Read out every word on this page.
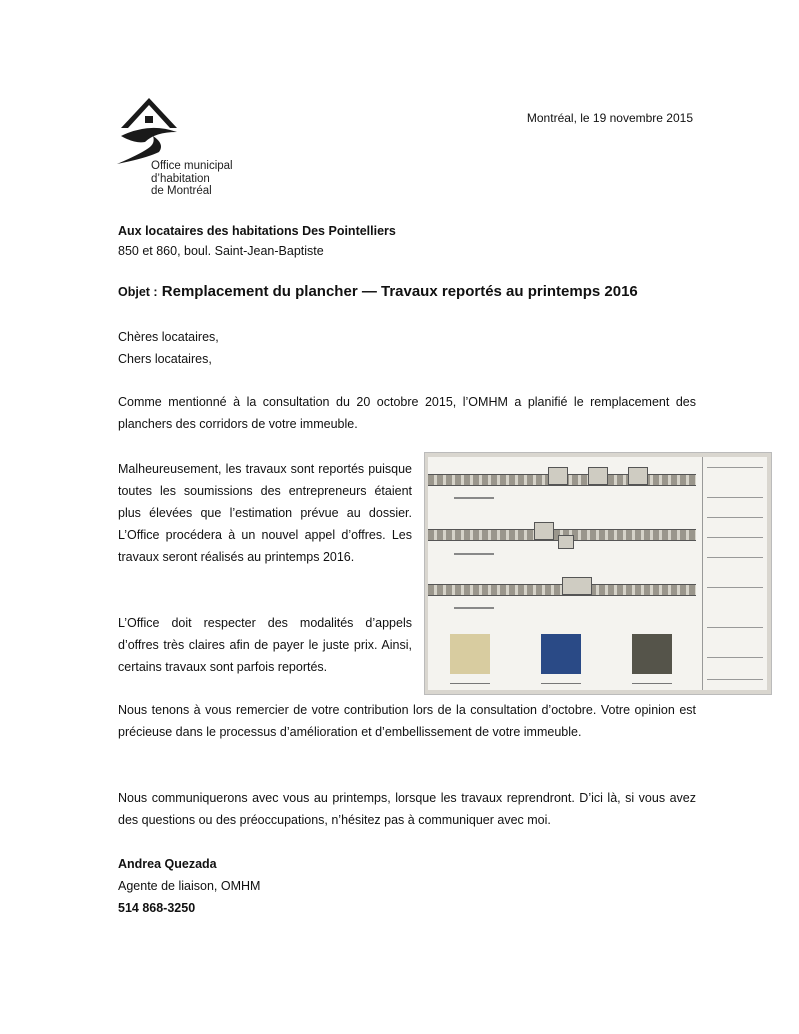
Office municipal
d’habitation
de Montréal
Montréal, le 19 novembre 2015
Aux locataires des habitations Des Pointelliers
850 et 860, boul. Saint-Jean-Baptiste
Objet : Remplacement du plancher — Travaux reportés au printemps 2016
Chères locataires,
Chers locataires,
Comme mentionné à la consultation du 20 octobre 2015, l’OMHM a planifié le remplacement des planchers des corridors de votre immeuble.
Malheureusement, les travaux sont reportés puisque toutes les soumissions des entrepreneurs étaient plus élevées que l’estimation prévue au dossier. L’Office procédera à un nouvel appel d’offres. Les travaux seront réalisés au printemps 2016.
L’Office doit respecter des modalités d’appels d’offres très claires afin de payer le juste prix. Ainsi, certains travaux sont parfois reportés.
Nous tenons à vous remercier de votre contribution lors de la consultation d’octobre. Votre opinion est précieuse dans le processus d’amélioration et d’embellissement de votre immeuble.
Nous communiquerons avec vous au printemps, lorsque les travaux reprendront. D’ici là, si vous avez des questions ou des préoccupations, n’hésitez pas à communiquer avec moi.
Andrea Quezada
Agente de liaison, OMHM
514 868-3250
